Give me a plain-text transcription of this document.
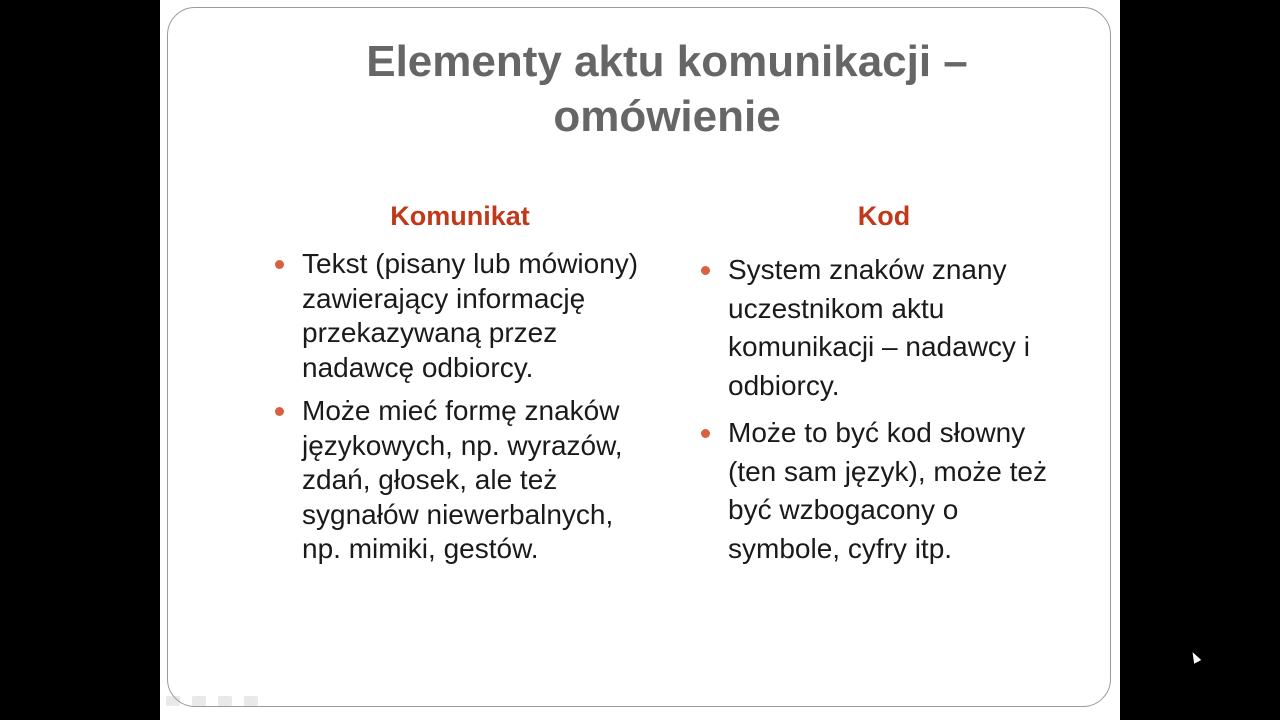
Elementy aktu komunikacji –
omówienie
Komunikat	Kod
Tekst (pisany lub mówiony) zawierający informację przekazywaną przez nadawcę odbiorcy.
Może mieć formę znaków językowych, np. wyrazów, zdań, głosek, ale też sygnałów niewerbalnych, np. mimiki, gestów.
System znaków znany uczestnikom aktu komunikacji – nadawcy i odbiorcy.
Może to być kod słowny (ten sam język), może też być wzbogacony o symbole, cyfry itp.
